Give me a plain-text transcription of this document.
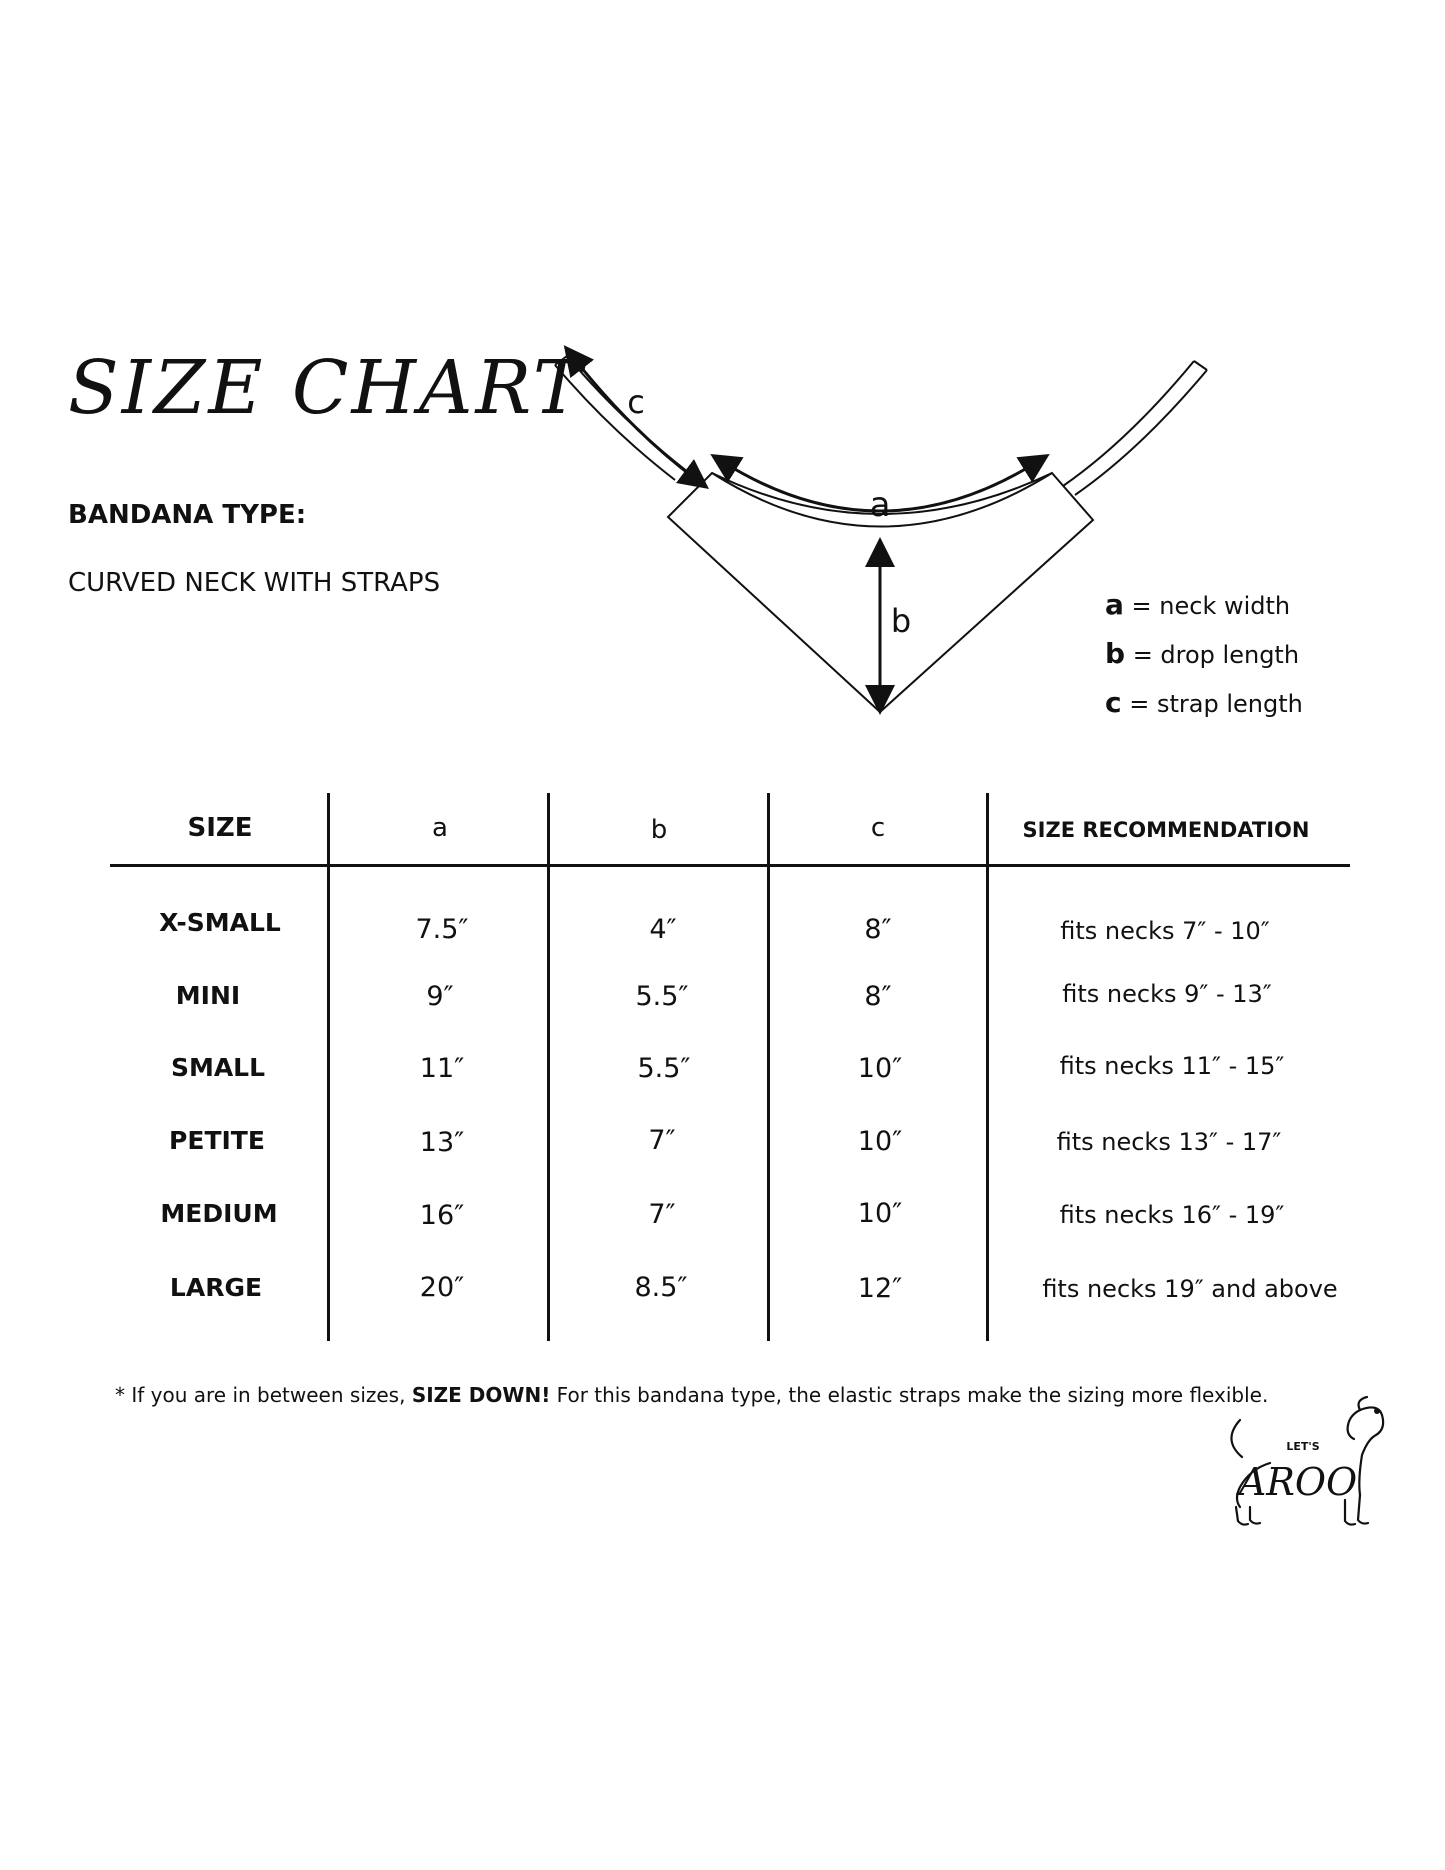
SIZE CHART
BANDANA TYPE:
CURVED NECK WITH STRAPS
a
b
c
a = neck width
b = drop length
c = strap length
SIZE	a	b	c	SIZE RECOMMENDATION
X-SMALL	7.5″	4″	8″	fits necks 7″ - 10″
MINI	9″	5.5″	8″	fits necks 9″ - 13″
SMALL	11″	5.5″	10″	fits necks 11″ - 15″
PETITE	13″	7″	10″	fits necks 13″ - 17″
MEDIUM	16″	7″	10″	fits necks 16″ - 19″
LARGE	20″	8.5″	12″	fits necks 19″ and above
* If you are in between sizes, SIZE DOWN! For this bandana type, the elastic straps make the sizing more flexible.
LET'S
AROO
